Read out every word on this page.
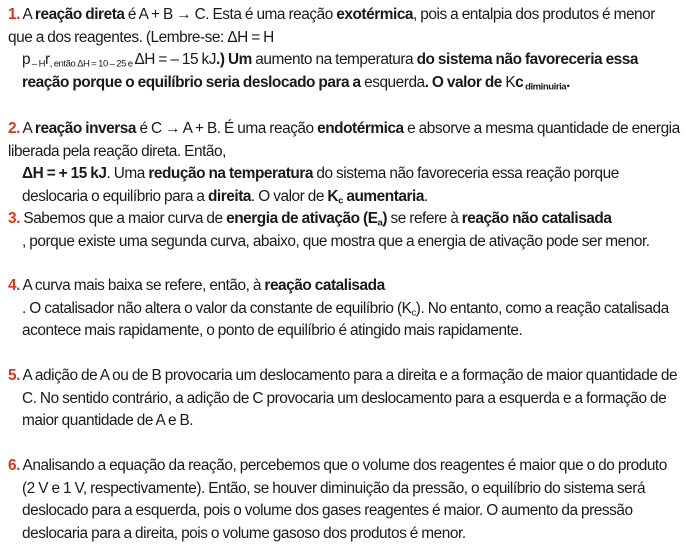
1. A reação direta é A + B → C. Esta é uma reação exotérmica, pois a entalpia dos produtos é menor que a dos reagentes. (Lembre-se: ΔH = H
p $_{- H}r_{, então \Delta H = 10 - 25 e}$ ΔH = – 15 kJ.) Um aumento na temperatura do sistema não favoreceria essa reação porque o equilíbrio seria deslocado para a esquerda. O valor de Kc $_{diminuiria}$.
2. A reação inversa é C → A + B. É uma reação endotérmica e absorve a mesma quantidade de energia liberada pela reação direta. Então,
ΔH = + 15 kJ. Uma redução na temperatura do sistema não favoreceria essa reação porque deslocaria o equilíbrio para a direita. O valor de $K_c$ aumentaria.
3. Sabemos que a maior curva de energia de ativação $(E_a)$ se refere à reação não catalisada
, porque existe uma segunda curva, abaixo, que mostra que a energia de ativação pode ser menor.
4. A curva mais baixa se refere, então, à reação catalisada
. O catalisador não altera o valor da constante de equilíbrio $(K_c)$. No entanto, como a reação catalisada acontece mais rapidamente, o ponto de equilíbrio é atingido mais rapidamente.
5. A adição de A ou de B provocaria um deslocamento para a direita e a formação de maior quantidade de C. No sentido contrário, a adição de C provocaria um deslocamento para a esquerda e a formação de maior quantidade de A e B.
6. Analisando a equação da reação, percebemos que o volume dos reagentes é maior que o do produto (2 V e 1 V, respectivamente). Então, se houver diminuição da pressão, o equilíbrio do sistema será deslocado para a esquerda, pois o volume dos gases reagentes é maior. O aumento da pressão deslocaria para a direita, pois o volume gasoso dos produtos é menor.
